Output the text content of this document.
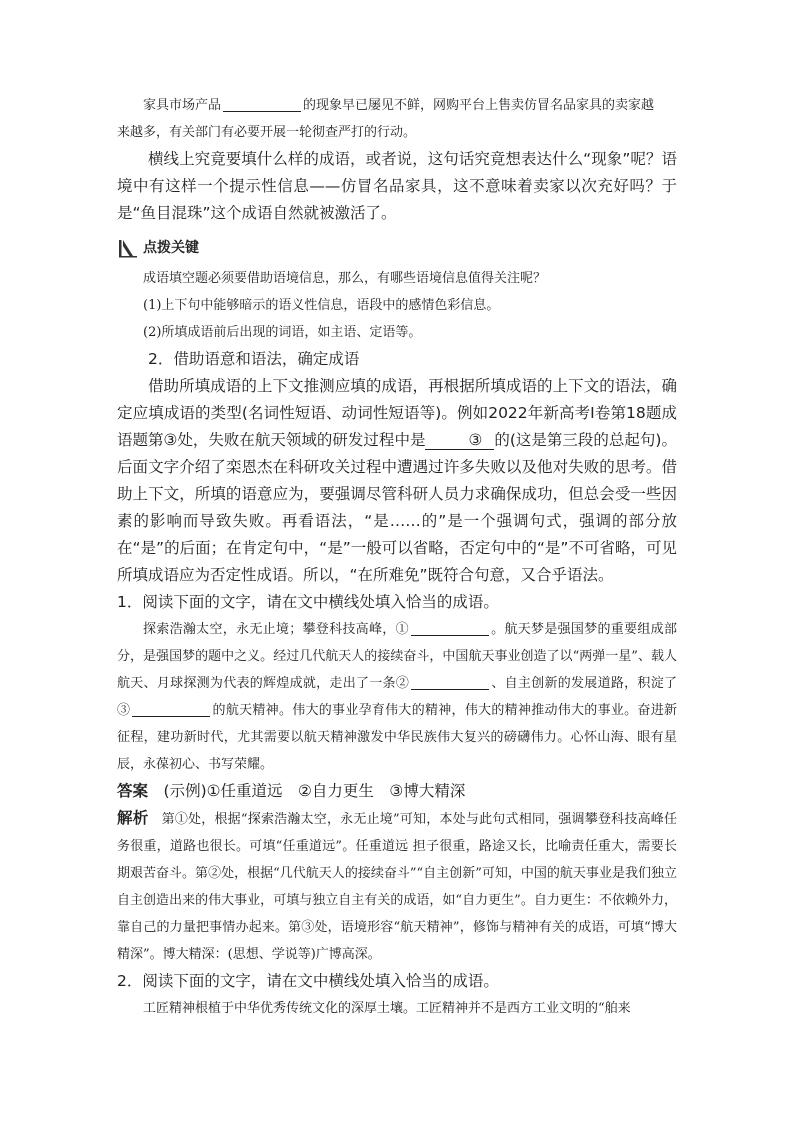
家具市场产品	的现象早已屡见不鲜，网购平台上售卖仿冒名品家具的卖家越
来越多，有关部门有必要开展一轮彻查严打的行动。

横线上究竟要填什么样的成语，或者说，这句话究竟想表达什么“现象”呢？语境中有这样一个提示性信息——仿冒名品家具，这不意味着卖家以次充好吗？于是“鱼目混珠”这个成语自然就被激活了。

点拨关键

成语填空题必须要借助语境信息，那么，有哪些语境信息值得关注呢？

(1)上下句中能够暗示的语义性信息，语段中的感情色彩信息。

(2)所填成语前后出现的词语，如主语、定语等。

2．借助语意和语法，确定成语

借助所填成语的上下文推测应填的成语，再根据所填成语的上下文的语法，确定应填成语的类型(名词性短语、动词性短语等)。例如2022年新高考Ⅰ卷第18题成语题第③处，失败在航天领域的研发过程中是	③ 的(这是第三段的总起句)。后面文字介绍了栾恩杰在科研攻关过程中遭遇过许多失败以及他对失败的思考。借助上下文，所填的语意应为，要强调尽管科研人员力求确保成功，但总会受一些因素的影响而导致失败。再看语法，“是……的”是一个强调句式，强调的部分放在“是”的后面；在肯定句中，“是”一般可以省略，否定句中的“是”不可省略，可见所填成语应为否定性成语。所以，“在所难免”既符合句意，又合乎语法。

1．阅读下面的文字，请在文中横线处填入恰当的成语。

探索浩瀚太空，永无止境；攀登科技高峰，①	。航天梦是强国梦的重要组成部分，是强国梦的题中之义。经过几代航天人的接续奋斗，中国航天事业创造了以“两弹一星”、载人航天、月球探测为代表的辉煌成就，走出了一条②	、自主创新的发展道路，积淀了③	的航天精神。伟大的事业孕育伟大的精神，伟大的精神推动伟大的事业。奋进新征程，建功新时代，尤其需要以航天精神激发中华民族伟大复兴的磅礴伟力。心怀山海、眼有星辰，永葆初心、书写荣耀。

答案　 (示例)①任重道远　②自力更生　③博大精深

解析　 第①处，根据“探索浩瀚太空，永无止境”可知，本处与此句式相同，强调攀登科技高峰任务很重，道路也很长。可填“任重道远”。任重道远 担子很重，路途又长，比喻责任重大，需要长期艰苦奋斗。第②处，根据“几代航天人的接续奋斗”“自主创新”可知，中国的航天事业是我们独立自主创造出来的伟大事业，可填与独立自主有关的成语，如“自力更生”。自力更生：不依赖外力，靠自己的力量把事情办起来。第③处，语境形容“航天精神”，修饰与精神有关的成语，可填“博大精深”。博大精深：(思想、学说等)广博高深。

2．阅读下面的文字，请在文中横线处填入恰当的成语。

工匠精神根植于中华优秀传统文化的深厚土壤。工匠精神并不是西方工业文明的“舶来
